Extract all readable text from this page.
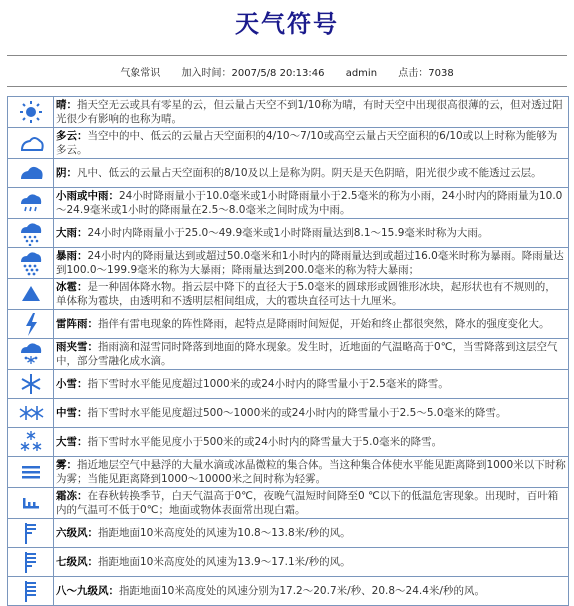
天气符号
气象常识 加入时间：2007/5/8 20:13:46 admin 点击：7038
	晴：指天空无云或具有零星的云，但云量占天空不到1/10称为晴，有时天空中出现很高很薄的云，但对透过阳光很少有影响的也称为晴。

	多云：当空中的中、低云的云量占天空面积的4/10～7/10或高空云量占天空面积的6/10或以上时称为能够为多云。

	阴：凡中、低云的云量占天空面积的8/10及以上是称为阴。阴天是天色阴暗，阳光很少或不能透过云层。

	小雨或中雨：24小时降雨量小于10.0毫米或1小时降雨量小于2.5毫米的称为小雨，24小时内的降雨量为10.0～24.9毫米或1小时的降雨量在2.5～8.0毫米之间时成为中雨。

	大雨：24小时内降雨量小于25.0～49.9毫米或1小时降雨量达到8.1～15.9毫米时称为大雨。

	暴雨：24小时内的降雨量达到或超过50.0毫米和1小时内的降雨量达到或超过16.0毫米时称为暴雨。降雨量达到100.0～199.9毫米的称为大暴雨；降雨量达到200.0毫米的称为特大暴雨；

	冰雹：是一种固体降水物。指云层中降下的直径大于5.0毫米的圆球形或圆锥形冰块，起形状也有不规则的，单体称为雹块，由透明和不透明层相间组成，大的雹块直径可达十九厘米。

	雷阵雨：指伴有雷电现象的阵性降雨，起特点是降雨时间短促，开始和终止都很突然，降水的强度变化大。

	雨夹雪：指雨滴和湿雪同时降落到地面的降水现象。发生时，近地面的气温略高于0℃，当雪降落到这层空气中，部分雪融化成水滴。

	小雪：指下雪时水平能见度超过1000米的或24小时内的降雪量小于2.5毫米的降雪。

	中雪：指下雪时水平能见度超过500～1000米的或24小时内的降雪量小于2.5～5.0毫米的降雪。

	大雪：指下雪时水平能见度小于500米的或24小时内的降雪量大于5.0毫米的降雪。

	雾：指近地层空气中悬浮的大量水滴或冰晶微粒的集合体。当这种集合体使水平能见距离降到1000米以下时称为雾；当能见距离降到1000～10000米之间时称为轻雾。

	霜冻：在春秋转换季节，白天气温高于0℃，夜晚气温短时间降至0 ℃以下的低温危害现象。出现时，百叶箱内的气温可不低于0℃；地面或物体表面常出现白霜。

	六级风：指距地面10米高度处的风速为10.8～13.8米/秒的风。

	七级风：指距地面10米高度处的风速为13.9～17.1米/秒的风。

	八～九级风：指距地面10米高度处的风速分别为17.2～20.7米/秒、20.8～24.4米/秒的风。
